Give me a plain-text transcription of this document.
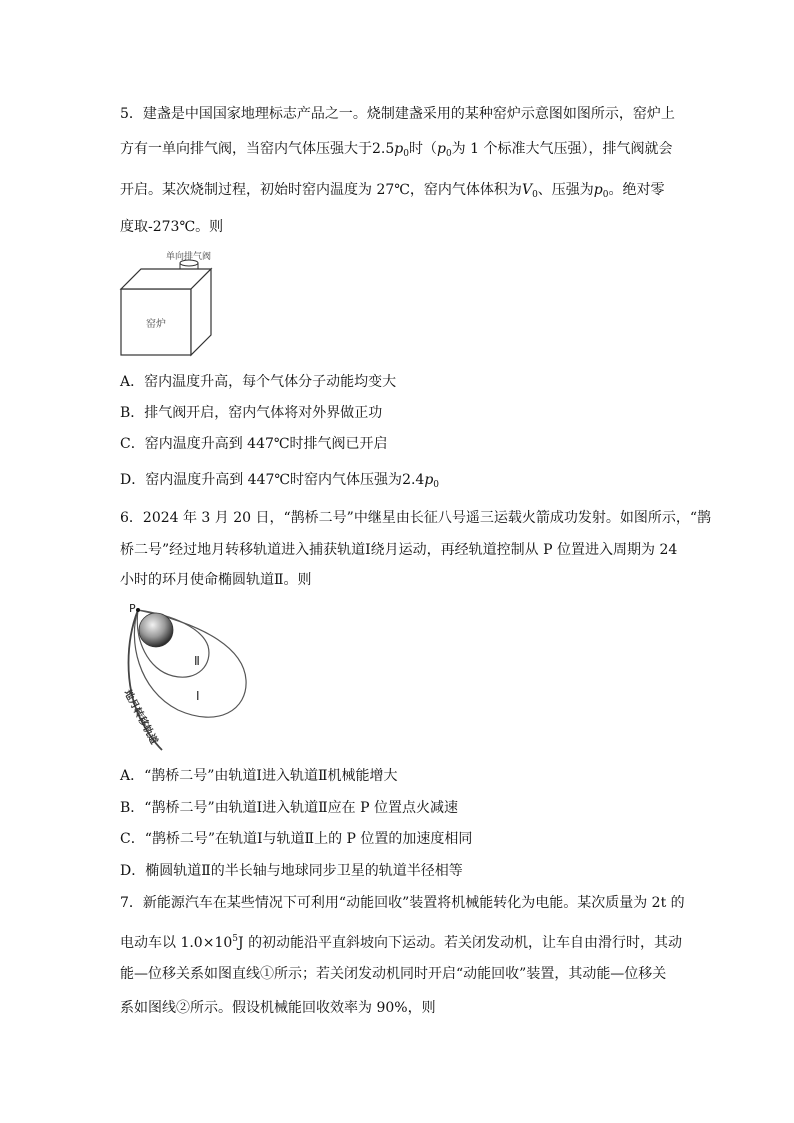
5．建盏是中国国家地理标志产品之一。烧制建盏采用的某种窑炉示意图如图所示，窑炉上

方有一单向排气阀，当窑内气体压强大于$2.5p_0$时（$p_0$为 1 个标准大气压强），排气阀就会

开启。某次烧制过程，初始时窑内温度为 27℃，窑内气体体积为$V_0$、压强为$p_0$。绝对零

度取-273℃。则

单向排气阀
窑炉

A．窑内温度升高，每个气体分子动能均变大

B．排气阀开启，窑内气体将对外界做正功

C．窑内温度升高到 447℃时排气阀已开启

D．窑内温度升高到 447℃时窑内气体压强为$2.4p_0$

6．2024 年 3 月 20 日，“鹊桥二号”中继星由长征八号遥三运载火箭成功发射。如图所示，“鹊

桥二号”经过地月转移轨道进入捕获轨道Ⅰ绕月运动，再经轨道控制从 P 位置进入周期为 24

小时的环月使命椭圆轨道Ⅱ。则

P
Ⅱ
Ⅰ
地月转移轨道

A．“鹊桥二号”由轨道Ⅰ进入轨道Ⅱ机械能增大

B．“鹊桥二号”由轨道Ⅰ进入轨道Ⅱ应在 P 位置点火减速

C．“鹊桥二号”在轨道Ⅰ与轨道Ⅱ上的 P 位置的加速度相同

D．椭圆轨道Ⅱ的半长轴与地球同步卫星的轨道半径相等

7．新能源汽车在某些情况下可利用“动能回收”装置将机械能转化为电能。某次质量为 2t 的

电动车以 $1.0\times 10^5J$ 的初动能沿平直斜坡向下运动。若关闭发动机，让车自由滑行时，其动

能—位移关系如图直线①所示；若关闭发动机同时开启“动能回收”装置，其动能—位移关

系如图线②所示。假设机械能回收效率为 90%，则
